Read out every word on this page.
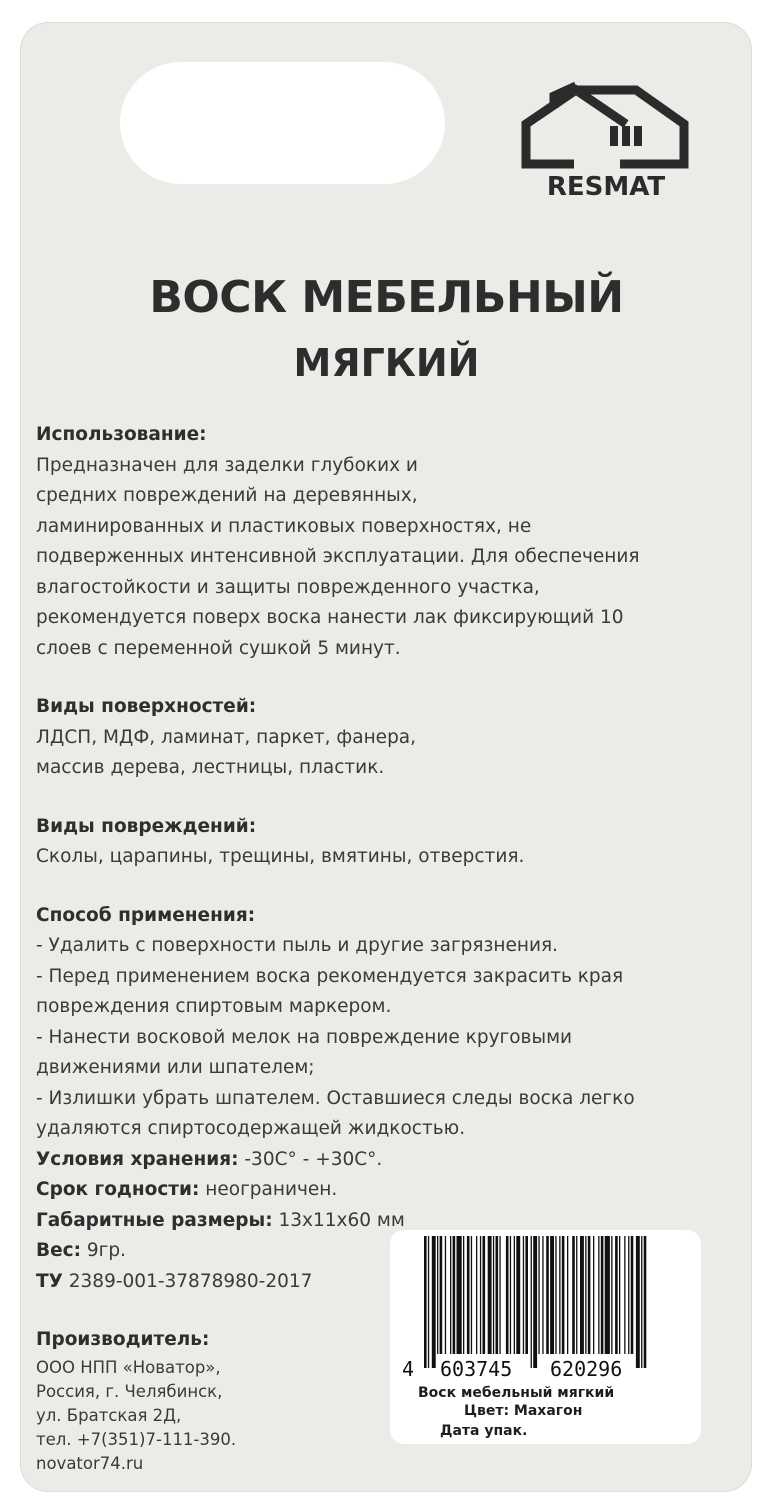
RESMAT
ВОСК МЕБЕЛЬНЫЙ
МЯГКИЙ
Использование:
Предназначен для заделки глубоких и
средних повреждений на деревянных,
ламинированных и пластиковых поверхностях, не
подверженных интенсивной эксплуатации. Для обеспечения
влагостойкости и защиты поврежденного участка,
рекомендуется поверх воска нанести лак фиксирующий 10
слоев с переменной сушкой 5 минут.
Виды поверхностей:
ЛДСП, МДФ, ламинат, паркет, фанера,
массив дерева, лестницы, пластик.
Виды повреждений:
Сколы, царапины, трещины, вмятины, отверстия.
Способ применения:
- Удалить с поверхности пыль и другие загрязнения.
- Перед применением воска рекомендуется закрасить края
повреждения спиртовым маркером.
- Нанести восковой мелок на повреждение круговыми
движениями или шпателем;
- Излишки убрать шпателем. Оставшиеся следы воска легко
удаляются спиртосодержащей жидкостью.
Условия хранения: -30С° - +30С°.
Срок годности: неограничен.
Габаритные размеры: 13x11x60 мм
Вес: 9гр.
ТУ 2389-001-37878980-2017
Производитель:
ООО НПП «Новатор»,
Россия, г. Челябинск,
ул. Братская 2Д,
тел. +7(351)7-111-390.
novator74.ru
4 603745 620296
Воск мебельный мягкий
Цвет: Махагон
Дата упак.
